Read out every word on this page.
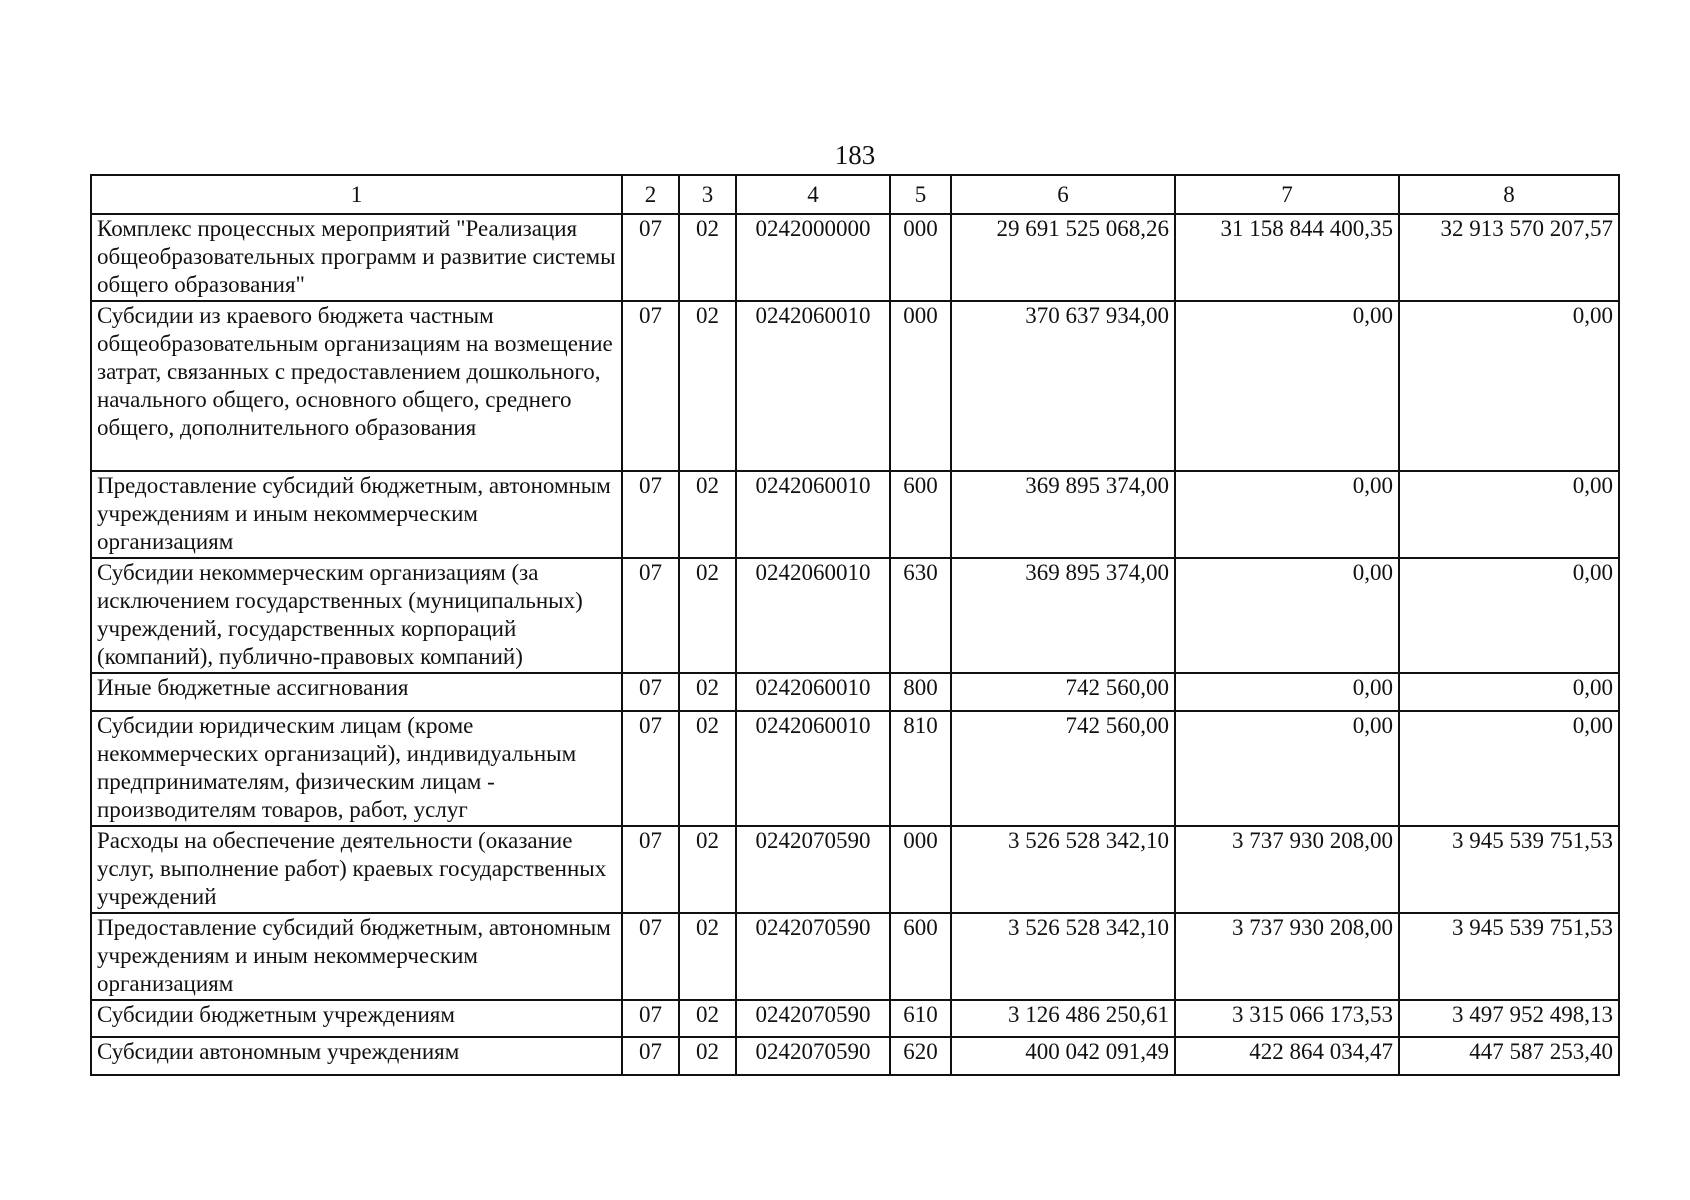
183
1	2	3	4	5	6	7	8
Комплекс процессных мероприятий "Реализация общеобразовательных программ и развитие системы общего образования"	07	02	0242000000	000	29 691 525 068,26	31 158 844 400,35	32 913 570 207,57
Субсидии из краевого бюджета частным общеобразовательным организациям на возмещение затрат, связанных с предоставлением дошкольного, начального общего, основного общего, среднего общего, дополнительного образования	07	02	0242060010	000	370 637 934,00	0,00	0,00
Предоставление субсидий бюджетным, автономным учреждениям и иным некоммерческим организациям	07	02	0242060010	600	369 895 374,00	0,00	0,00
Субсидии некоммерческим организациям (за исключением государственных (муниципальных) учреждений, государственных корпораций (компаний), публично-правовых компаний)	07	02	0242060010	630	369 895 374,00	0,00	0,00
Иные бюджетные ассигнования	07	02	0242060010	800	742 560,00	0,00	0,00
Субсидии юридическим лицам (кроме некоммерческих организаций), индивидуальным предпринимателям, физическим лицам - производителям товаров, работ, услуг	07	02	0242060010	810	742 560,00	0,00	0,00
Расходы на обеспечение деятельности (оказание услуг, выполнение работ) краевых государственных учреждений	07	02	0242070590	000	3 526 528 342,10	3 737 930 208,00	3 945 539 751,53
Предоставление субсидий бюджетным, автономным учреждениям и иным некоммерческим организациям	07	02	0242070590	600	3 526 528 342,10	3 737 930 208,00	3 945 539 751,53
Субсидии бюджетным учреждениям	07	02	0242070590	610	3 126 486 250,61	3 315 066 173,53	3 497 952 498,13
Субсидии автономным учреждениям	07	02	0242070590	620	400 042 091,49	422 864 034,47	447 587 253,40
